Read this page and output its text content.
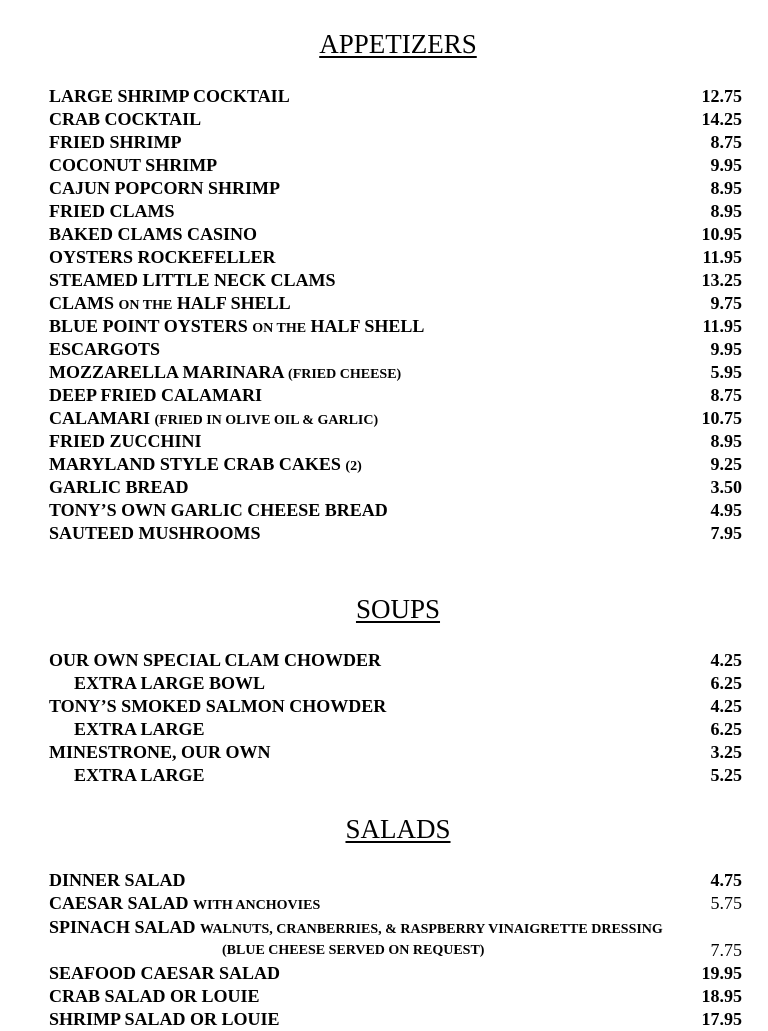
APPETIZERS
LARGE SHRIMP COCKTAIL	12.75
CRAB COCKTAIL	14.25
FRIED SHRIMP	8.75
COCONUT SHRIMP	9.95
CAJUN POPCORN SHRIMP	8.95
FRIED CLAMS	8.95
BAKED CLAMS CASINO	10.95
OYSTERS ROCKEFELLER	11.95
STEAMED LITTLE NECK CLAMS	13.25
CLAMS ON THE HALF SHELL	9.75
BLUE POINT OYSTERS ON THE HALF SHELL	11.95
ESCARGOTS	9.95
MOZZARELLA MARINARA (FRIED CHEESE)	5.95
DEEP FRIED CALAMARI	8.75
CALAMARI (FRIED IN OLIVE OIL & GARLIC)	10.75
FRIED ZUCCHINI	8.95
MARYLAND STYLE CRAB CAKES (2)	9.25
GARLIC BREAD	3.50
TONY’S OWN GARLIC CHEESE BREAD	4.95
SAUTEED MUSHROOMS	7.95
SOUPS
OUR OWN SPECIAL CLAM CHOWDER	4.25
EXTRA LARGE BOWL	6.25
TONY’S SMOKED SALMON CHOWDER	4.25
EXTRA LARGE	6.25
MINESTRONE, OUR OWN	3.25
EXTRA LARGE	5.25
SALADS
DINNER SALAD	4.75
CAESAR SALAD WITH ANCHOVIES	5.75
SPINACH SALAD WALNUTS, CRANBERRIES, & RASPBERRY VINAIGRETTE DRESSING
7.75
(BLUE CHEESE SERVED ON REQUEST)
SEAFOOD CAESAR SALAD	19.95
CRAB SALAD OR LOUIE	18.95
SHRIMP SALAD OR LOUIE	17.95
